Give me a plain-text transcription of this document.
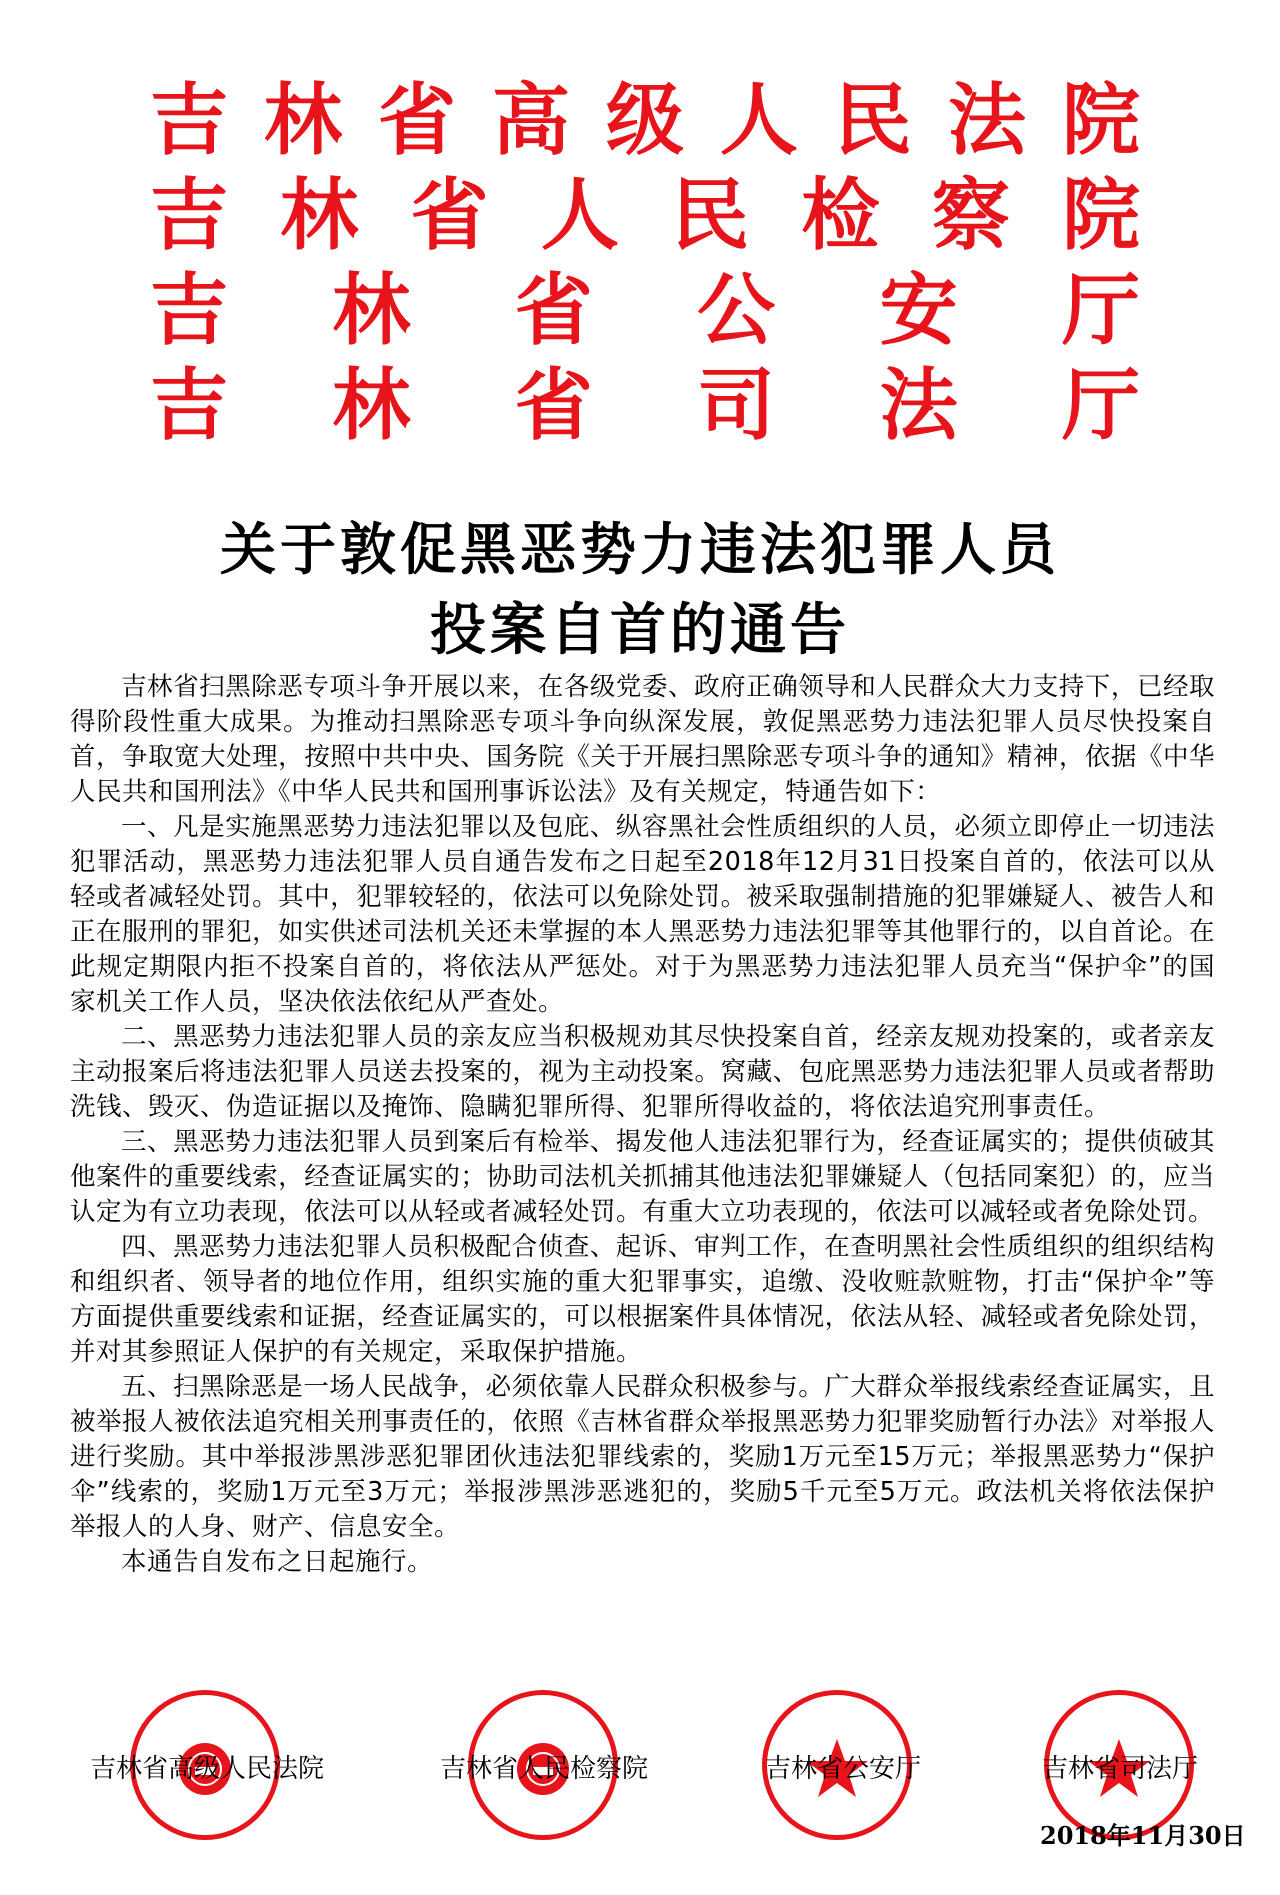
吉 林 省 高 级 人 民 法 院
吉 林 省 人 民 检 察 院
吉 林 省 公 安 厅
吉 林 省 司 法 厅
关于敦促黑恶势力违法犯罪人员
投案自首的通告

吉林省扫黑除恶专项斗争开展以来，在各级党委、政府正确领导和人民群众大力支持下，已经取得阶段性重大成果。为推动扫黑除恶专项斗争向纵深发展，敦促黑恶势力违法犯罪人员尽快投案自首，争取宽大处理，按照中共中央、国务院《关于开展扫黑除恶专项斗争的通知》精神，依据《中华人民共和国刑法》《中华人民共和国刑事诉讼法》及有关规定，特通告如下：

一、凡是实施黑恶势力违法犯罪以及包庇、纵容黑社会性质组织的人员，必须立即停止一切违法犯罪活动，黑恶势力违法犯罪人员自通告发布之日起至2018年12月31日投案自首的，依法可以从轻或者减轻处罚。其中，犯罪较轻的，依法可以免除处罚。被采取强制措施的犯罪嫌疑人、被告人和正在服刑的罪犯，如实供述司法机关还未掌握的本人黑恶势力违法犯罪等其他罪行的，以自首论。在此规定期限内拒不投案自首的，将依法从严惩处。对于为黑恶势力违法犯罪人员充当“保护伞”的国家机关工作人员，坚决依法依纪从严查处。

二、黑恶势力违法犯罪人员的亲友应当积极规劝其尽快投案自首，经亲友规劝投案的，或者亲友主动报案后将违法犯罪人员送去投案的，视为主动投案。窝藏、包庇黑恶势力违法犯罪人员或者帮助洗钱、毁灭、伪造证据以及掩饰、隐瞒犯罪所得、犯罪所得收益的，将依法追究刑事责任。

三、黑恶势力违法犯罪人员到案后有检举、揭发他人违法犯罪行为，经查证属实的；提供侦破其他案件的重要线索，经查证属实的；协助司法机关抓捕其他违法犯罪嫌疑人（包括同案犯）的，应当认定为有立功表现，依法可以从轻或者减轻处罚。有重大立功表现的，依法可以减轻或者免除处罚。

四、黑恶势力违法犯罪人员积极配合侦查、起诉、审判工作，在查明黑社会性质组织的组织结构和组织者、领导者的地位作用，组织实施的重大犯罪事实，追缴、没收赃款赃物，打击“保护伞”等方面提供重要线索和证据，经查证属实的，可以根据案件具体情况，依法从轻、减轻或者免除处罚，并对其参照证人保护的有关规定，采取保护措施。

五、扫黑除恶是一场人民战争，必须依靠人民群众积极参与。广大群众举报线索经查证属实，且被举报人被依法追究相关刑事责任的，依照《吉林省群众举报黑恶势力犯罪奖励暂行办法》对举报人进行奖励。其中举报涉黑涉恶犯罪团伙违法犯罪线索的，奖励1万元至15万元；举报黑恶势力“保护伞”线索的，奖励1万元至3万元；举报涉黑涉恶逃犯的，奖励5千元至5万元。政法机关将依法保护举报人的人身、财产、信息安全。

本通告自发布之日起施行。

吉林省高级人民法院	吉林省人民检察院	吉林省公安厅	吉林省司法厅
2018年11月30日
